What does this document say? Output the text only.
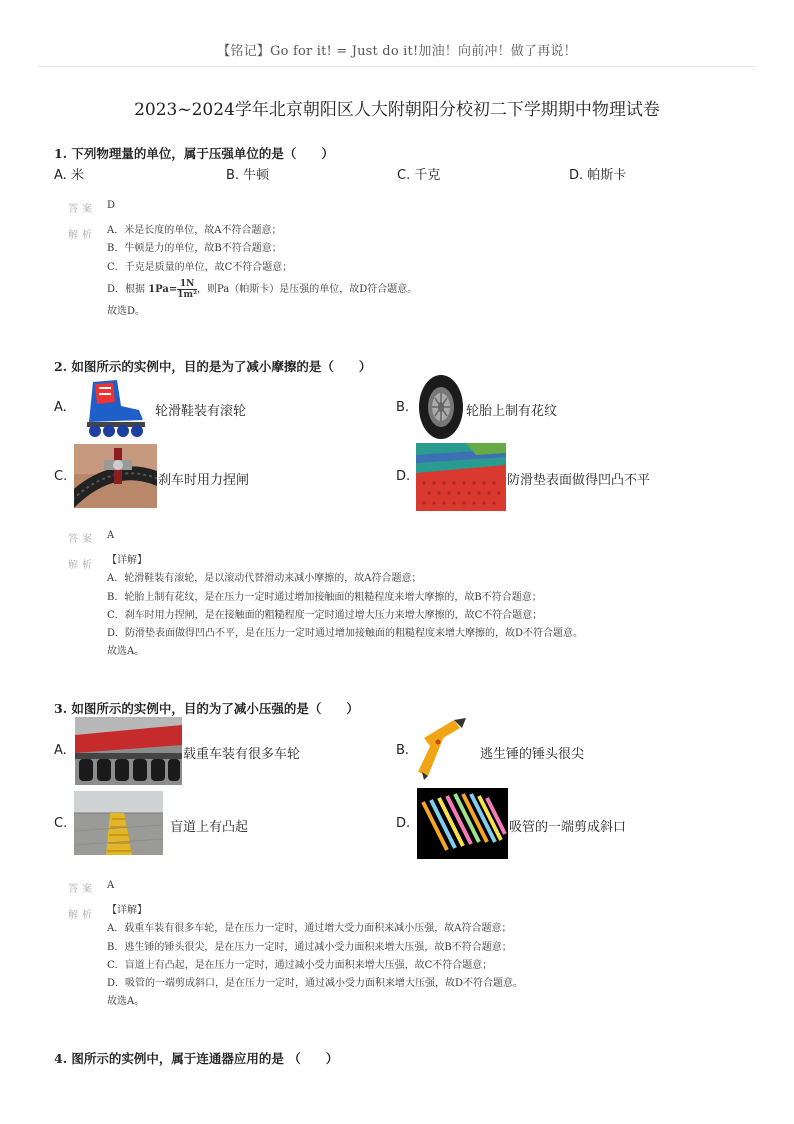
【铭记】Go for it! = Just do it!加油！向前冲！做了再说！
2023~2024学年北京朝阳区人大附朝阳分校初二下学期期中物理试卷
1. 下列物理量的单位，属于压强单位的是（　　）
A. 米	B. 牛顿	C. 千克	D. 帕斯卡
答案 D
解析 A．米是长度的单位，故A不符合题意；
B．牛顿是力的单位，故B不符合题意；
C．千克是质量的单位，故C不符合题意；
D．根据 $1Pa= \frac{1N}{\text{1m²}}$ ，则Pa（帕斯卡）是压强的单位，故D符合题意。
故选D。
2. 如图所示的实例中，目的是为了减小摩擦的是（　　）
A.	轮滑鞋装有滚轮	B.	轮胎上制有花纹
C.	刹车时用力捏闸	D.	防滑垫表面做得凹凸不平
答案 A
解析 【详解】
A．轮滑鞋装有滚轮，是以滚动代替滑动来减小摩擦的，故A符合题意；
B．轮胎上制有花纹，是在压力一定时通过增加接触面的粗糙程度来增大摩擦的，故B不符合题意；
C．刹车时用力捏闸，是在接触面的粗糙程度一定时通过增大压力来增大摩擦的，故C不符合题意；
D．防滑垫表面做得凹凸不平，是在压力一定时通过增加接触面的粗糙程度来增大摩擦的，故D不符合题意。
故选A。
3. 如图所示的实例中，目的为了减小压强的是（　　）
A.	载重车装有很多车轮	B.	逃生锤的锤头很尖
C.	盲道上有凸起	D.	吸管的一端剪成斜口
答案 A
解析 【详解】
A．载重车装有很多车轮，是在压力一定时，通过增大受力面积来减小压强，故A符合题意；
B．逃生锤的锤头很尖，是在压力一定时，通过减小受力面积来增大压强，故B不符合题意；
C．盲道上有凸起，是在压力一定时，通过减小受力面积来增大压强，故C不符合题意；
D．吸管的一端剪成斜口，是在压力一定时，通过减小受力面积来增大压强，故D不符合题意。
故选A。
4. 图所示的实例中，属于连通器应用的是 （　　）
